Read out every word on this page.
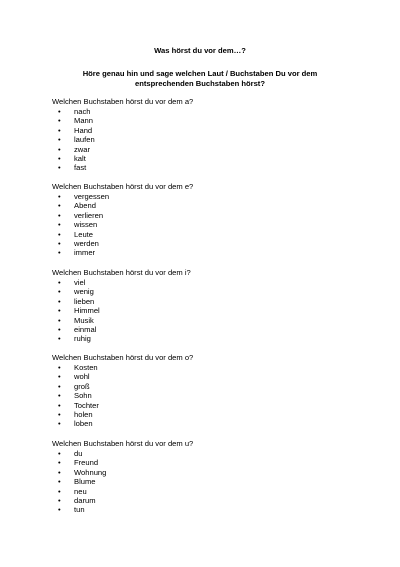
Was hörst du vor dem…?
Höre genau hin und sage welchen Laut / Buchstaben Du vor dem
entsprechenden Buchstaben hörst?
Welchen Buchstaben hörst du vor dem a?
• nach
• Mann
• Hand
• laufen
• zwar
• kalt
• fast
Welchen Buchstaben hörst du vor dem e?
• vergessen
• Abend
• verlieren
• wissen
• Leute
• werden
• immer
Welchen Buchstaben hörst du vor dem i?
• viel
• wenig
• lieben
• Himmel
• Musik
• einmal
• ruhig
Welchen Buchstaben hörst du vor dem o?
• Kosten
• wohl
• groß
• Sohn
• Tochter
• holen
• loben
Welchen Buchstaben hörst du vor dem u?
• du
• Freund
• Wohnung
• Blume
• neu
• darum
• tun
